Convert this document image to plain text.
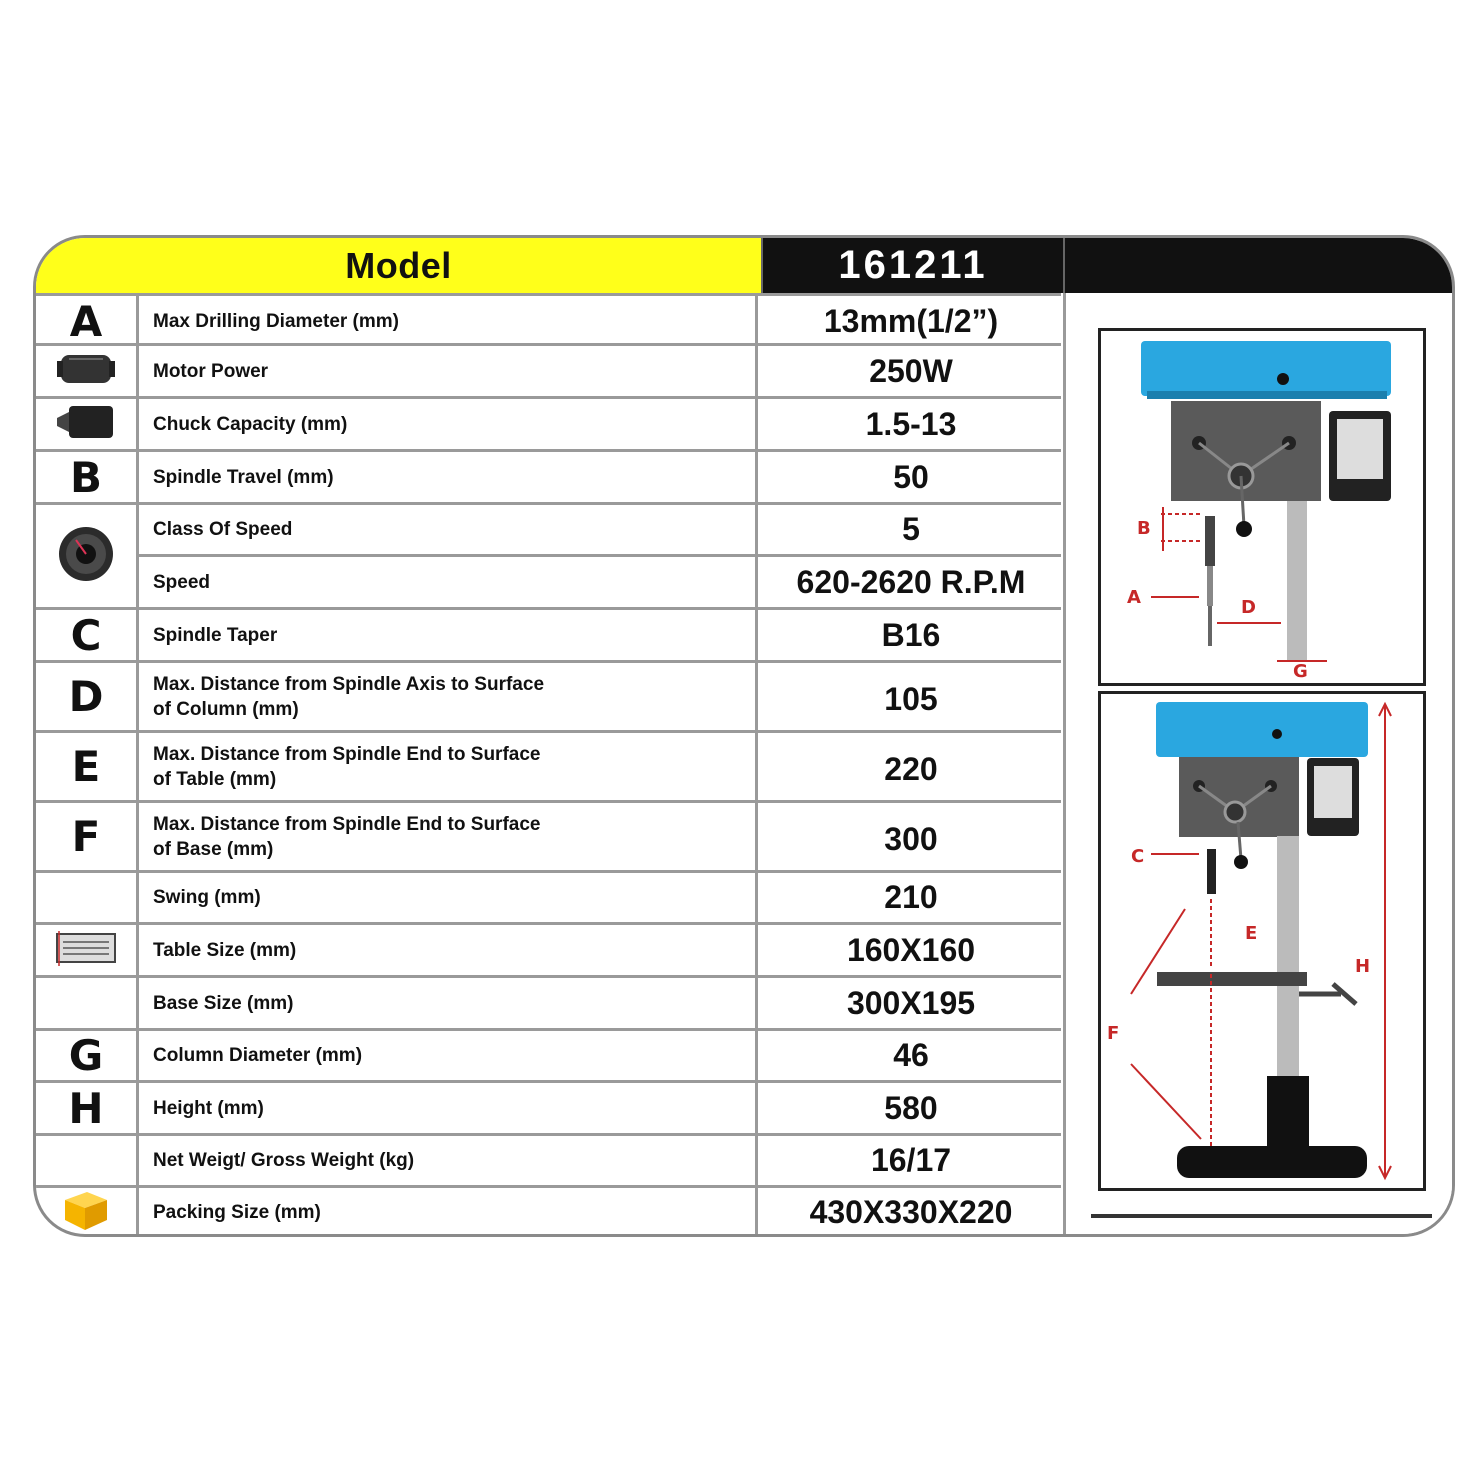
Model	161211
A	Max Drilling Diameter (mm)	13mm(1/2”)
Motor Power	250W
Chuck Capacity (mm)	1.5-13
B	Spindle Travel (mm)	50
Class Of Speed	5
Speed	620-2620 R.P.M
C	Spindle Taper	B16
D	Max. Distance from Spindle Axis to Surface
of Column (mm)	105
E	Max. Distance from Spindle End to Surface
of Table (mm)	220
F	Max. Distance from Spindle End to Surface
of Base (mm)	300
Swing (mm)	210
Table Size (mm)	160X160
Base Size (mm)	300X195
G	Column Diameter (mm)	46
H	Height (mm)	580
Net Weigt/ Gross Weight (kg)	16/17
Packing Size (mm)	430X330X220
B
A	D
G
C
E
H
F
